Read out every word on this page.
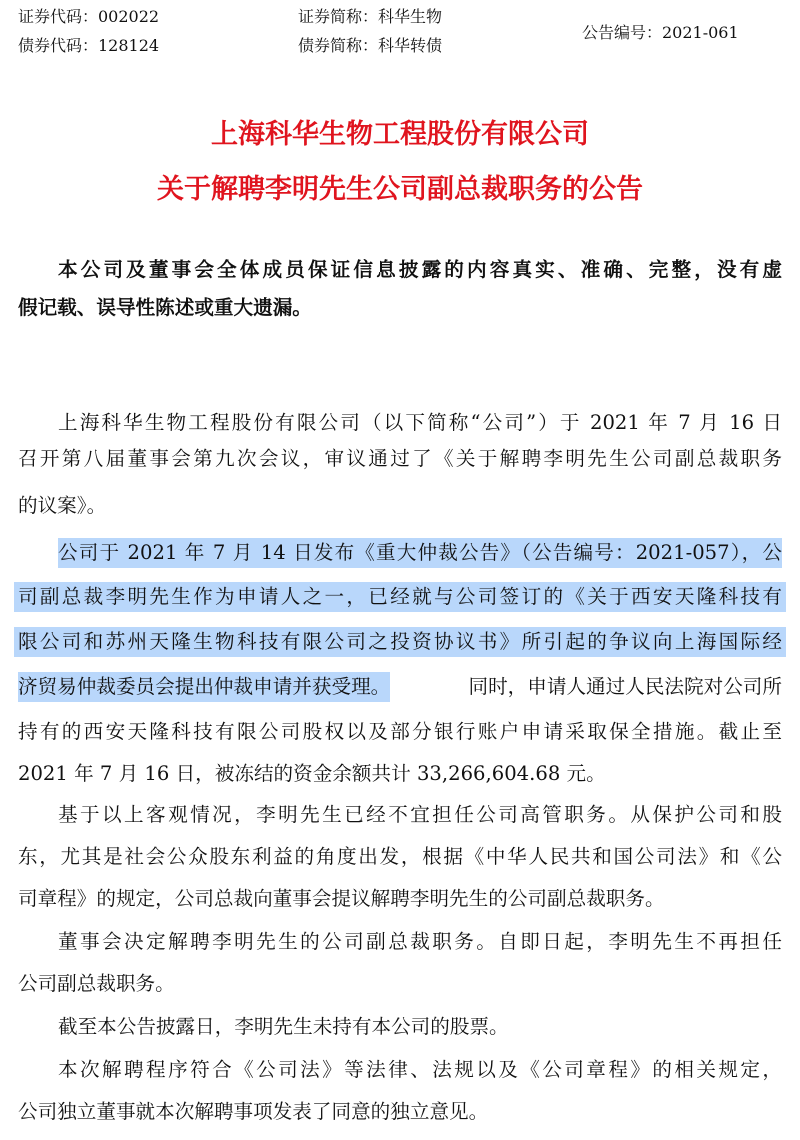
证券代码：002022	证券简称：科华生物
债券代码：128124	债券简称：科华转债
公告编号：2021-061
上海科华生物工程股份有限公司
关于解聘李明先生公司副总裁职务的公告
本公司及董事会全体成员保证信息披露的内容真实、准确、完整，没有虚
假记载、误导性陈述或重大遗漏。
上海科华生物工程股份有限公司（以下简称“公司”）于 2021 年 7 月 16 日
召开第八届董事会第九次会议，审议通过了《关于解聘李明先生公司副总裁职务
的议案》。
公司于 2021 年 7 月 14 日发布《重大仲裁公告》（公告编号：2021-057），公
司副总裁李明先生作为申请人之一，已经就与公司签订的《关于西安天隆科技有
限公司和苏州天隆生物科技有限公司之投资协议书》所引起的争议向上海国际经
济贸易仲裁委员会提出仲裁申请并获受理。	同时，申请人通过人民法院对公司所
持有的西安天隆科技有限公司股权以及部分银行账户申请采取保全措施。截止至
2021 年 7 月 16 日，被冻结的资金余额共计 33,266,604.68 元。
基于以上客观情况，李明先生已经不宜担任公司高管职务。从保护公司和股
东，尤其是社会公众股东利益的角度出发，根据《中华人民共和国公司法》和《公
司章程》的规定，公司总裁向董事会提议解聘李明先生的公司副总裁职务。
董事会决定解聘李明先生的公司副总裁职务。自即日起，李明先生不再担任
公司副总裁职务。
截至本公告披露日，李明先生未持有本公司的股票。
本次解聘程序符合《公司法》等法律、法规以及《公司章程》的相关规定，
公司独立董事就本次解聘事项发表了同意的独立意见。
